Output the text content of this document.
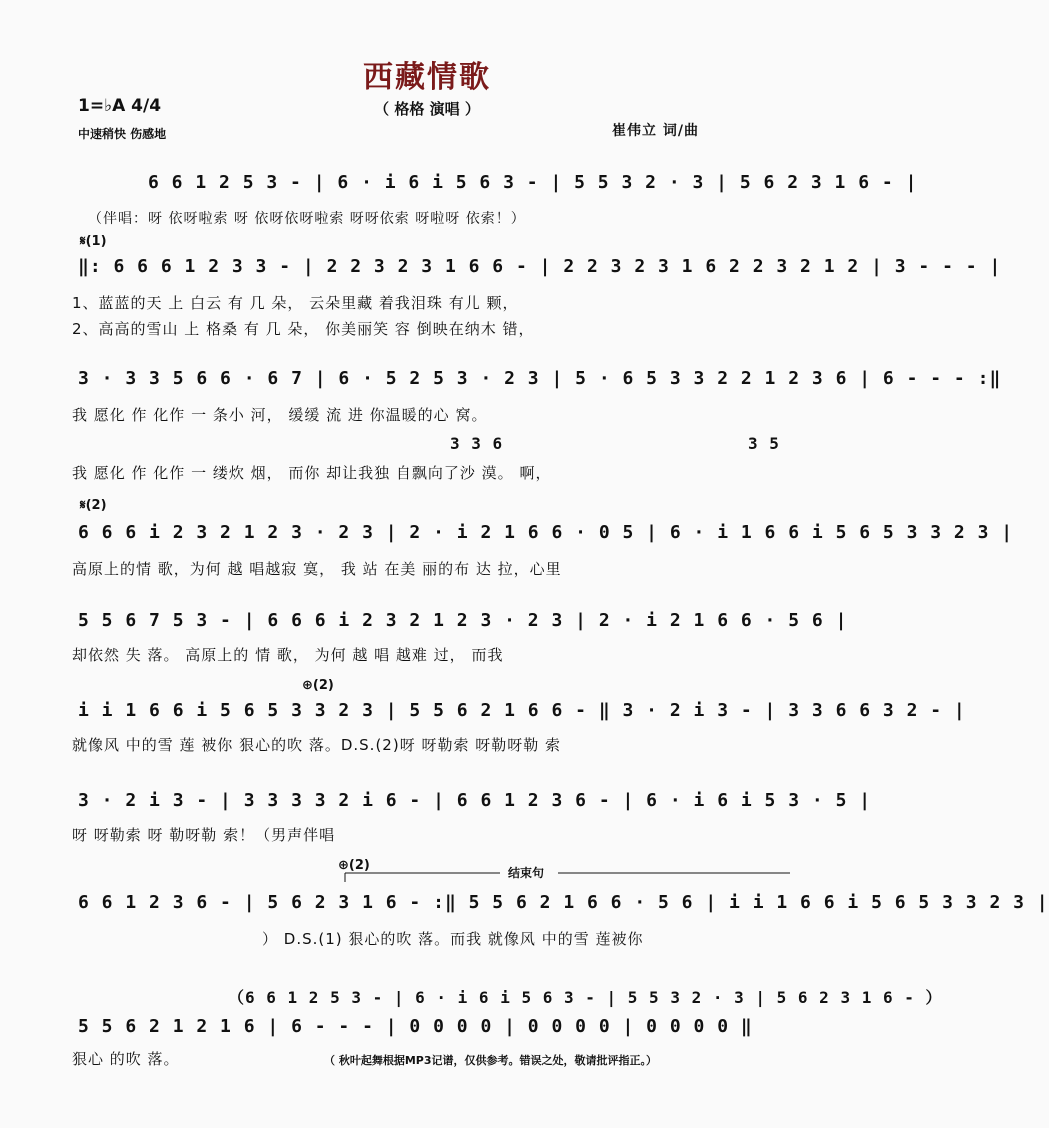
西藏情歌
（ 格格 演唱 ）
1=♭A 4/4
中速稍快 伤感地	崔伟立 词/曲
6 6 1 2 5 3 - | 6 · i 6 i 5 6 3 - | 5 5 3 2 · 3 | 5 6 2 3 1 6 - |
（伴唱：呀 依呀啦索 呀 依呀依呀啦索 呀呀依索 呀啦呀 依索！）
𝄋(1)
‖: 6 6 6 1 2 3 3 - | 2 2 3 2 3 1 6 6 - | 2 2 3 2 3 1 6 2 2 3 2 1 2 | 3 - - - |
1、蓝蓝的天 上 白云 有 几 朵， 云朵里藏 着我泪珠 有儿 颗，
2、高高的雪山 上 格桑 有 几 朵， 你美丽笑 容 倒映在纳木 错，
3 · 3 3 5 6 6 · 6 7 | 6 · 5 2 5 3 · 2 3 | 5 · 6 5 3 3 2 2 1 2 3 6 | 6 - - - :‖
我 愿化 作 化作 一 条小 河， 缓缓 流 进 你温暖的心 窝。
3 3 6	3 5
我 愿化 作 化作 一 缕炊 烟， 而你 却让我独 自飘向了沙 漠。 啊，
𝄋(2)
6 6 6 i 2 3 2 1 2 3 · 2 3 | 2 · i 2 1 6 6 · 0 5 | 6 · i 1 6 6 i 5 6 5 3 3 2 3 |
高原上的情 歌，为何 越 唱越寂 寞， 我 站 在美 丽的布 达 拉，心里
5 5 6 7 5 3 - | 6 6 6 i 2 3 2 1 2 3 · 2 3 | 2 · i 2 1 6 6 · 5 6 |
却依然 失 落。 高原上的 情 歌， 为何 越 唱 越难 过， 而我
⊕(2)
i i 1 6 6 i 5 6 5 3 3 2 3 | 5 5 6 2 1 6 6 - ‖ 3 · 2 i 3 - | 3 3 6 6 3 2 - |
就像风 中的雪 莲 被你 狠心的吹 落。D.S.(2)呀 呀勒索 呀勒呀勒 索
3 · 2 i 3 - | 3 3 3 3 2 i 6 - | 6 6 1 2 3 6 - | 6 · i 6 i 5 3 · 5 |
呀 呀勒索 呀 勒呀勒 索！（男声伴唱
⊕(2)	结束句
6 6 1 2 3 6 - | 5 6 2 3 1 6 - :‖ 5 5 6 2 1 6 6 · 5 6 | i i 1 6 6 i 5 6 5 3 3 2 3 |
） D.S.(1) 狠心的吹 落。而我 就像风 中的雪 莲被你
（6 6 1 2 5 3 - | 6 · i 6 i 5 6 3 - | 5 5 3 2 · 3 | 5 6 2 3 1 6 - ）
5 5 6 2 1 2 1 6 | 6 - - - | 0 0 0 0 | 0 0 0 0 | 0 0 0 0 ‖
狠心 的吹 落。	（ 秋叶起舞根据MP3记谱，仅供参考。错误之处，敬请批评指正。）
